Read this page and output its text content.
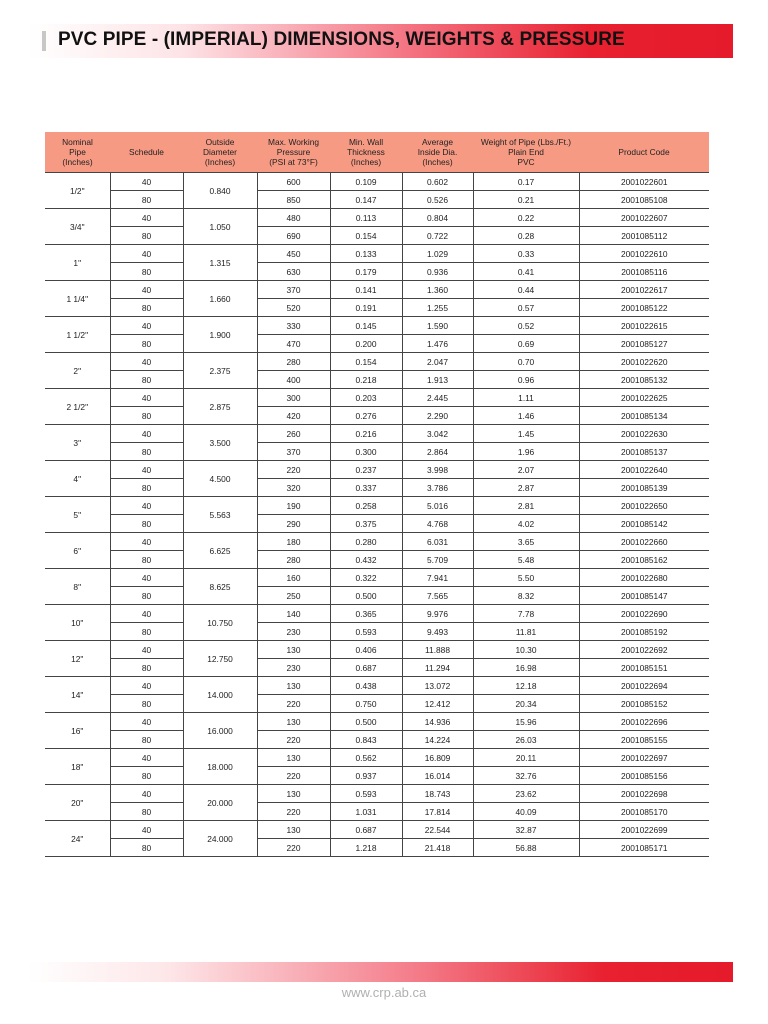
PVC PIPE - (IMPERIAL) DIMENSIONS, WEIGHTS & PRESSURE
Nominal
Pipe
(Inches)	Schedule	Outside
Diameter
(Inches)	Max. Working
Pressure
(PSI at 73°F)	Min. Wall
Thickness
(Inches)	Average
Inside Dia.
(Inches)	Weight of Pipe (Lbs./Ft.)
Plain End
PVC	Product Code
1/2"	40	0.840	600	0.109	0.602	0.17	2001022601
	80		850	0.147	0.526	0.21	2001085108
3/4"	40	1.050	480	0.113	0.804	0.22	2001022607
	80		690	0.154	0.722	0.28	2001085112
1"	40	1.315	450	0.133	1.029	0.33	2001022610
	80		630	0.179	0.936	0.41	2001085116
1 1/4"	40	1.660	370	0.141	1.360	0.44	2001022617
	80		520	0.191	1.255	0.57	2001085122
1 1/2"	40	1.900	330	0.145	1.590	0.52	2001022615
	80		470	0.200	1.476	0.69	2001085127
2"	40	2.375	280	0.154	2.047	0.70	2001022620
	80		400	0.218	1.913	0.96	2001085132
2 1/2"	40	2.875	300	0.203	2.445	1.11	2001022625
	80		420	0.276	2.290	1.46	2001085134
3"	40	3.500	260	0.216	3.042	1.45	2001022630
	80		370	0.300	2.864	1.96	2001085137
4"	40	4.500	220	0.237	3.998	2.07	2001022640
	80		320	0.337	3.786	2.87	2001085139
5"	40	5.563	190	0.258	5.016	2.81	2001022650
	80		290	0.375	4.768	4.02	2001085142
6"	40	6.625	180	0.280	6.031	3.65	2001022660
	80		280	0.432	5.709	5.48	2001085162
8"	40	8.625	160	0.322	7.941	5.50	2001022680
	80		250	0.500	7.565	8.32	2001085147
10"	40	10.750	140	0.365	9.976	7.78	2001022690
	80		230	0.593	9.493	11.81	2001085192
12"	40	12.750	130	0.406	11.888	10.30	2001022692
	80		230	0.687	11.294	16.98	2001085151
14"	40	14.000	130	0.438	13.072	12.18	2001022694
	80		220	0.750	12.412	20.34	2001085152
16"	40	16.000	130	0.500	14.936	15.96	2001022696
	80		220	0.843	14.224	26.03	2001085155
18"	40	18.000	130	0.562	16.809	20.11	2001022697
	80		220	0.937	16.014	32.76	2001085156
20"	40	20.000	130	0.593	18.743	23.62	2001022698
	80		220	1.031	17.814	40.09	2001085170
24"	40	24.000	130	0.687	22.544	32.87	2001022699
	80		220	1.218	21.418	56.88	2001085171
www.crp.ab.ca
